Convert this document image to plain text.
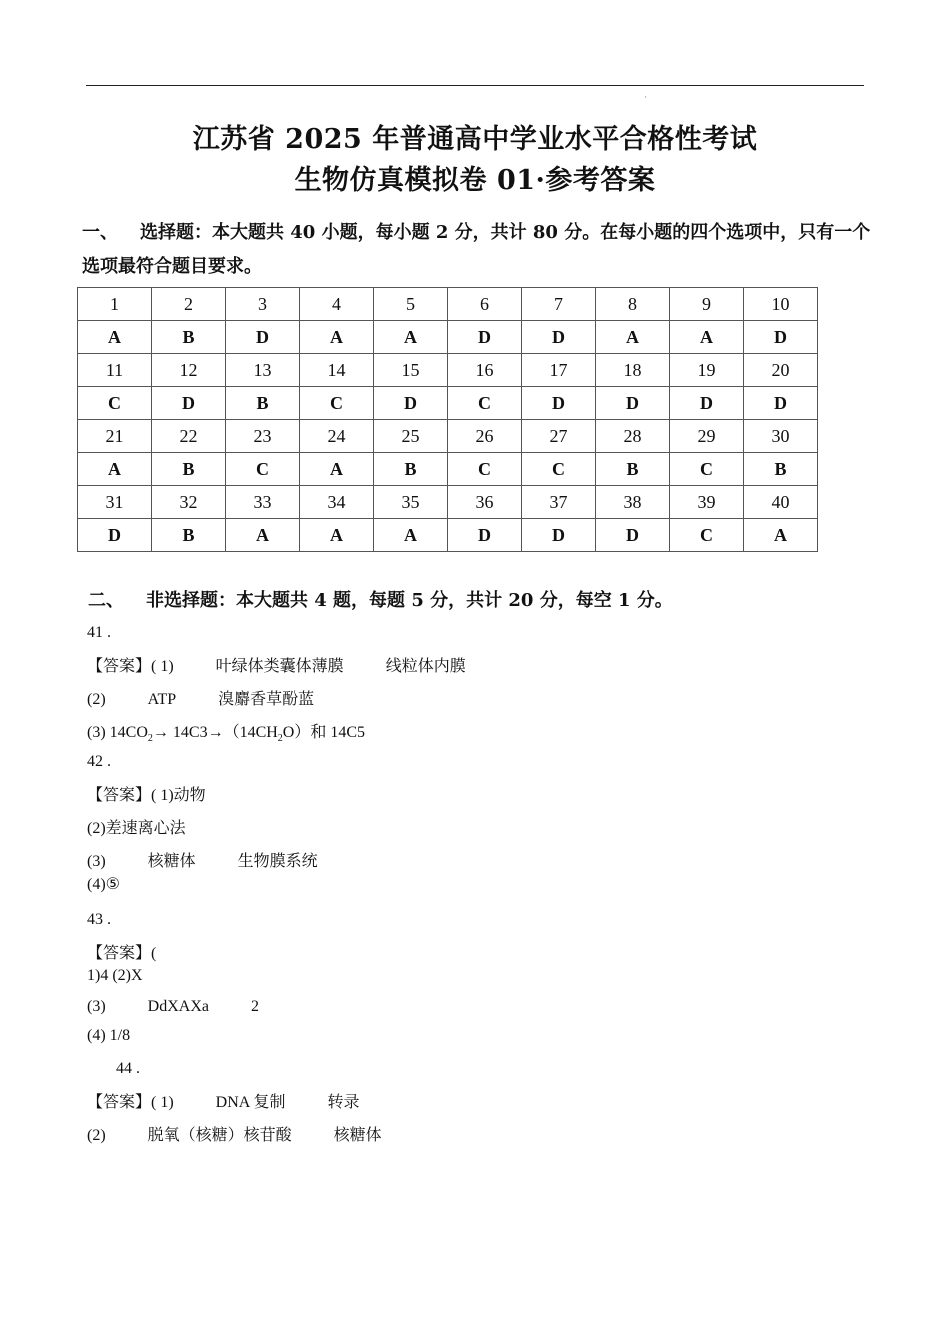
'
江苏省 2025 年普通高中学业水平合格性考试
生物仿真模拟卷 01·参考答案
一、 选择题：本大题共 40 小题，每小题 2 分，共计 80 分。在每小题的四个选项中，只有一个选项最符合题目要求。
1	2	3	4	5	6	7	8	9	10
A	B	D	A	A	D	D	A	A	D
11	12	13	14	15	16	17	18	19	20
C	D	B	C	D	C	D	D	D	D
21	22	23	24	25	26	27	28	29	30
A	B	C	A	B	C	C	B	C	B
31	32	33	34	35	36	37	38	39	40
D	B	A	A	A	D	D	D	C	A
二、 非选择题：本大题共 4 题，每题 5 分，共计 20 分，每空 1 分。
41 .
【答案】( 1)	叶绿体类囊体薄膜	线粒体内膜
(2)	ATP	溴麝香草酚蓝
(3) $14CO_2\to 14C3\to(14CH_2O)$和 14C5
42 .
【答案】( 1)动物
(2)差速离心法
(3)	核糖体	生物膜系统
(4)⑤
43 .
【答案】(
1)4 (2)X
(3)	DdXAXa	2
(4) 1/8
44 .
【答案】( 1)	DNA 复制	转录
(2)	脱氧（核糖）核苷酸	核糖体
